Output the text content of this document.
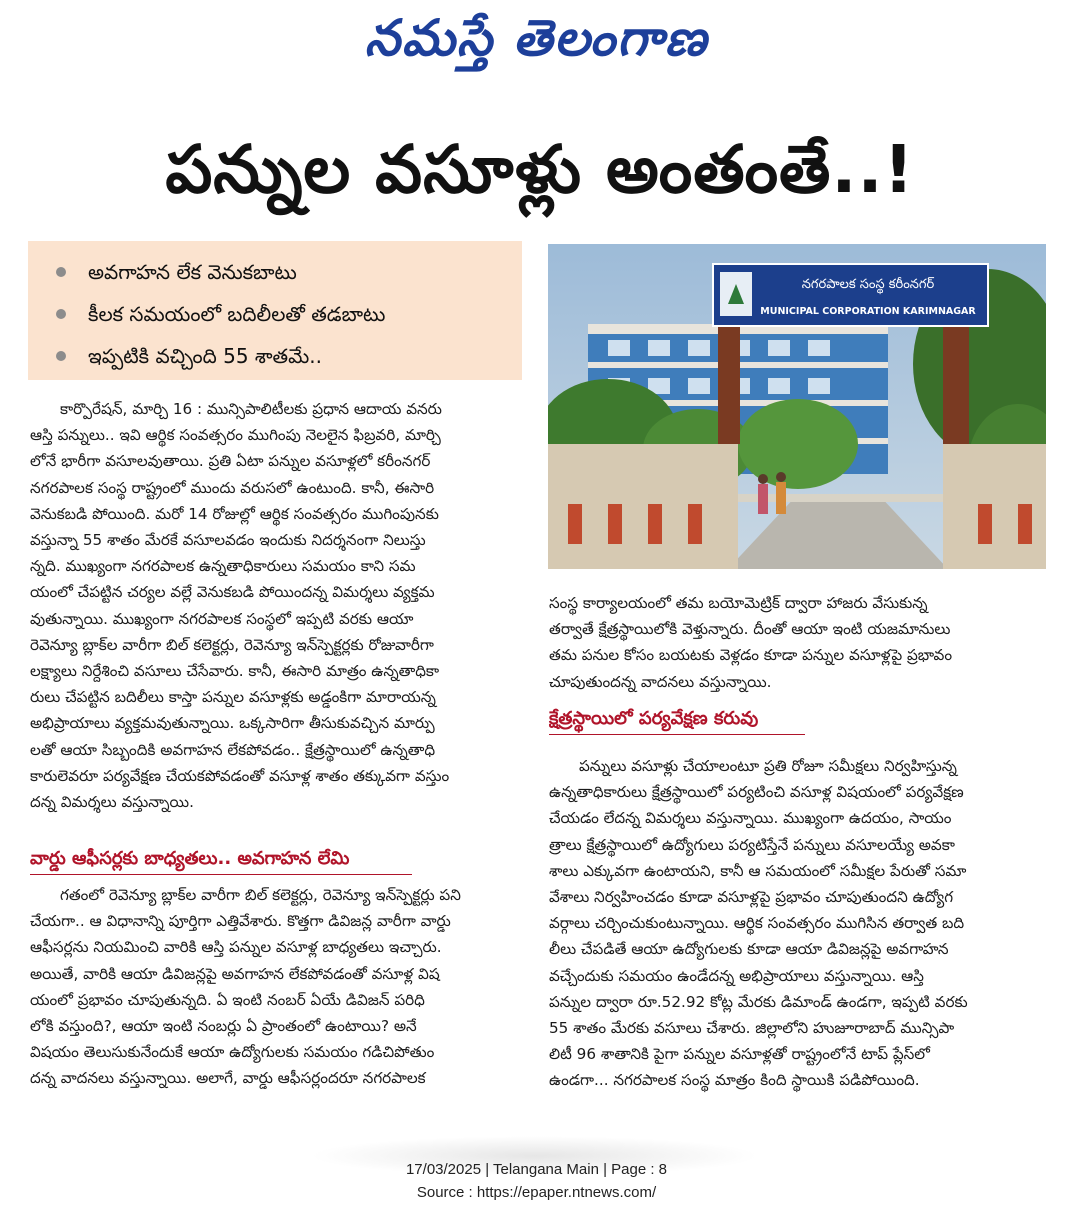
నమస్తే తెలంగాణ
పన్నుల వసూళ్లు అంతంతే..!
అవగాహన లేక వెనుకబాటు
కీలక సమయంలో బదిలీలతో తడబాటు
ఇప్పటికి వచ్చింది 55 శాతమే..
నగరపాలక సంస్థ కరీంనగర్
MUNICIPAL CORPORATION KARIMNAGAR

కార్పొరేషన్, మార్చి 16 : మున్సిపాలిటీలకు ప్రధాన ఆదాయ వనరు

ఆస్తి పన్నులు.. ఇవి ఆర్థిక సంవత్సరం ముగింపు నెలలైన ఫిబ్రవరి, మార్చి

లోనే భారీగా వసూలవుతాయి. ప్రతి ఏటా పన్నుల వసూళ్లలో కరీంనగర్

నగరపాలక సంస్థ రాష్ట్రంలో ముందు వరుసలో ఉంటుంది. కానీ, ఈసారి

వెనుకబడి పోయింది. మరో 14 రోజుల్లో ఆర్థిక సంవత్సరం ముగింపునకు

వస్తున్నా 55 శాతం మేరకే వసూలవడం ఇందుకు నిదర్శనంగా నిలుస్తు

న్నది. ముఖ్యంగా నగరపాలక ఉన్నతాధికారులు సమయం కాని సమ

యంలో చేపట్టిన చర్యల వల్లే వెనుకబడి పోయిందన్న విమర్శలు వ్యక్తమ

వుతున్నాయి. ముఖ్యంగా నగరపాలక సంస్థలో ఇప్పటి వరకు ఆయా

రెవెన్యూ బ్లాక్‌ల వారీగా బిల్ కలెక్టర్లు, రెవెన్యూ ఇన్‌స్పెక్టర్లకు రోజువారీగా

లక్ష్యాలు నిర్దేశించి వసూలు చేసేవారు. కానీ, ఈసారి మాత్రం ఉన్నతాధికా

రులు చేపట్టిన బదిలీలు కాస్తా పన్నుల వసూళ్లకు అడ్డంకిగా మారాయన్న

అభిప్రాయాలు వ్యక్తమవుతున్నాయి. ఒక్కసారిగా తీసుకువచ్చిన మార్పు

లతో ఆయా సిబ్బందికి అవగాహన లేకపోవడం.. క్షేత్రస్థాయిలో ఉన్నతాధి

కారులెవరూ పర్యవేక్షణ చేయకపోవడంతో వసూళ్ల శాతం తక్కువగా వస్తుం

దన్న విమర్శలు వస్తున్నాయి.

వార్డు ఆఫీసర్లకు బాధ్యతలు.. అవగాహన లేమి

గతంలో రెవెన్యూ బ్లాక్‌ల వారీగా బిల్ కలెక్టర్లు, రెవెన్యూ ఇన్‌స్పెక్టర్లు పని

చేయగా.. ఆ విధానాన్ని పూర్తిగా ఎత్తివేశారు. కొత్తగా డివిజన్ల వారీగా వార్డు

ఆఫీసర్లను నియమించి వారికి ఆస్తి పన్నుల వసూళ్ల బాధ్యతలు ఇచ్చారు.

అయితే, వారికి ఆయా డివిజన్లపై అవగాహన లేకపోవడంతో వసూళ్ల విష

యంలో ప్రభావం చూపుతున్నది. ఏ ఇంటి నంబర్ ఏయే డివిజన్ పరిధి

లోకి వస్తుంది?, ఆయా ఇంటి నంబర్లు ఏ ప్రాంతంలో ఉంటాయి? అనే

విషయం తెలుసుకునేందుకే ఆయా ఉద్యోగులకు సమయం గడిచిపోతుం

దన్న వాదనలు వస్తున్నాయి. అలాగే, వార్డు ఆఫీసర్లందరూ నగరపాలక

సంస్థ కార్యాలయంలో తమ బయోమెట్రిక్ ద్వారా హాజరు వేసుకున్న

తర్వాతే క్షేత్రస్థాయిలోకి వెళ్తున్నారు. దీంతో ఆయా ఇంటి యజమానులు

తమ పనుల కోసం బయటకు వెళ్లడం కూడా పన్నుల వసూళ్లపై ప్రభావం

చూపుతుందన్న వాదనలు వస్తున్నాయి.

క్షేత్రస్థాయిలో పర్యవేక్షణ కరువు

పన్నులు వసూళ్లు చేయాలంటూ ప్రతి రోజూ సమీక్షలు నిర్వహిస్తున్న

ఉన్నతాధికారులు క్షేత్రస్థాయిలో పర్యటించి వసూళ్ల విషయంలో పర్యవేక్షణ

చేయడం లేదన్న విమర్శలు వస్తున్నాయి. ముఖ్యంగా ఉదయం, సాయం

త్రాలు క్షేత్రస్థాయిలో ఉద్యోగులు పర్యటిస్తేనే పన్నులు వసూలయ్యే అవకా

శాలు ఎక్కువగా ఉంటాయని, కానీ ఆ సమయంలో సమీక్షల పేరుతో సమా

వేశాలు నిర్వహించడం కూడా వసూళ్లపై ప్రభావం చూపుతుందని ఉద్యోగ

వర్గాలు చర్చించుకుంటున్నాయి. ఆర్థిక సంవత్సరం ముగిసిన తర్వాత బది

లీలు చేపడితే ఆయా ఉద్యోగులకు కూడా ఆయా డివిజన్లపై అవగాహన

వచ్చేందుకు సమయం ఉండేదన్న అభిప్రాయాలు వస్తున్నాయి. ఆస్తి

పన్నుల ద్వారా రూ.52.92 కోట్ల మేరకు డిమాండ్ ఉండగా, ఇప్పటి వరకు

55 శాతం మేరకు వసూలు చేశారు. జిల్లాలోని హుజూరాబాద్ మున్సిపా

లిటీ 96 శాతానికి పైగా పన్నుల వసూళ్లతో రాష్ట్రంలోనే టాప్ ప్లేస్‌లో

ఉండగా... నగరపాలక సంస్థ మాత్రం కింది స్థాయికి పడిపోయింది.

17/03/2025 | Telangana Main | Page : 8
Source : https://epaper.ntnews.com/
